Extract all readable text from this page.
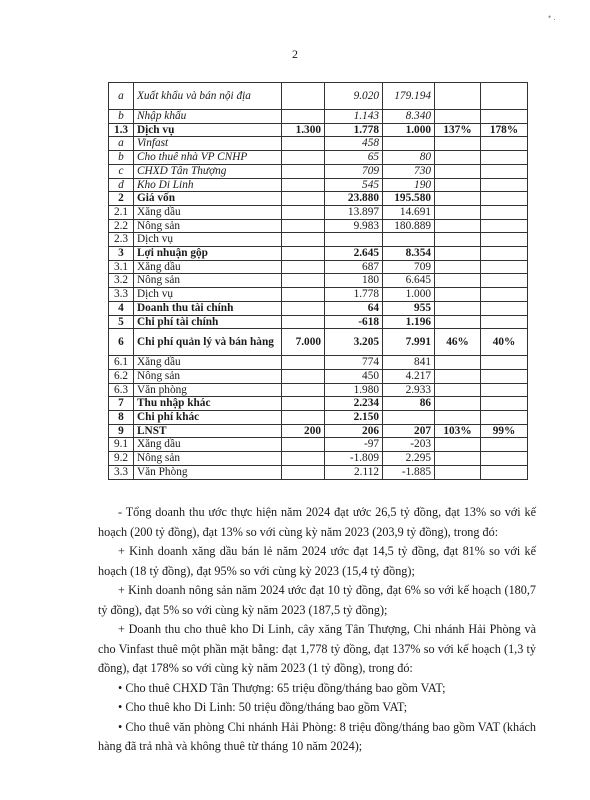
• .
2
a	Xuất khẩu và bán nội địa		9.020	179.194		
b	Nhập khẩu		1.143	8.340		
1.3	Dịch vụ	1.300	1.778	1.000	137%	178%
a	Vinfast		458			
b	Cho thuê nhà VP CNHP		65	80		
c	CHXD Tân Thượng		709	730		
d	Kho Di Linh		545	190		
2	Giá vốn		23.880	195.580		
2.1	Xăng dầu		13.897	14.691		
2.2	Nông sản		9.983	180.889		
2.3	Dịch vụ					
3	Lợi nhuận gộp		2.645	8.354		
3.1	Xăng dầu		687	709		
3.2	Nông sản		180	6.645		
3.3	Dịch vụ		1.778	1.000		
4	Doanh thu tài chính		64	955		
5	Chi phí tài chính		-618	1.196		
6	Chi phí quản lý và bán hàng	7.000	3.205	7.991	46%	40%
6.1	Xăng dầu		774	841		
6.2	Nông sản		450	4.217		
6.3	Văn phòng		1.980	2.933		
7	Thu nhập khác		2.234	86		
8	Chi phí khác		2.150			
9	LNST	200	206	207	103%	99%
9.1	Xăng dầu		-97	-203		
9.2	Nông sản		-1.809	2.295		
3.3	Văn Phòng		2.112	-1.885		

- Tổng doanh thu ước thực hiện năm 2024 đạt ước 26,5 tỷ đồng, đạt 13% so với kế hoạch (200 tỷ đồng), đạt 13% so với cùng kỳ năm 2023 (203,9 tỷ đồng), trong đó:

+ Kinh doanh xăng dầu bán lẻ năm 2024 ước đạt 14,5 tỷ đồng, đạt 81% so với kế hoạch (18 tỷ đồng), đạt 95% so với cùng kỳ 2023 (15,4 tỷ đồng);

+ Kinh doanh nông sản năm 2024 ước đạt 10 tỷ đồng, đạt 6% so với kế hoạch (180,7 tỷ đồng), đạt 5% so với cùng kỳ năm 2023 (187,5 tỷ đồng);

+ Doanh thu cho thuê kho Di Linh, cây xăng Tân Thượng, Chi nhánh Hải Phòng và cho Vinfast thuê một phần mặt bằng: đạt 1,778 tỷ đồng, đạt 137% so với kế hoạch (1,3 tỷ đồng), đạt 178% so với cùng kỳ năm 2023 (1 tỷ đồng), trong đó:

• Cho thuê CHXD Tân Thượng: 65 triệu đồng/tháng bao gồm VAT;

• Cho thuê kho Di Linh: 50 triệu đồng/tháng bao gồm VAT;

• Cho thuê văn phòng Chi nhánh Hải Phòng: 8 triệu đồng/tháng bao gồm VAT (khách hàng đã trả nhà và không thuê từ tháng 10 năm 2024);
